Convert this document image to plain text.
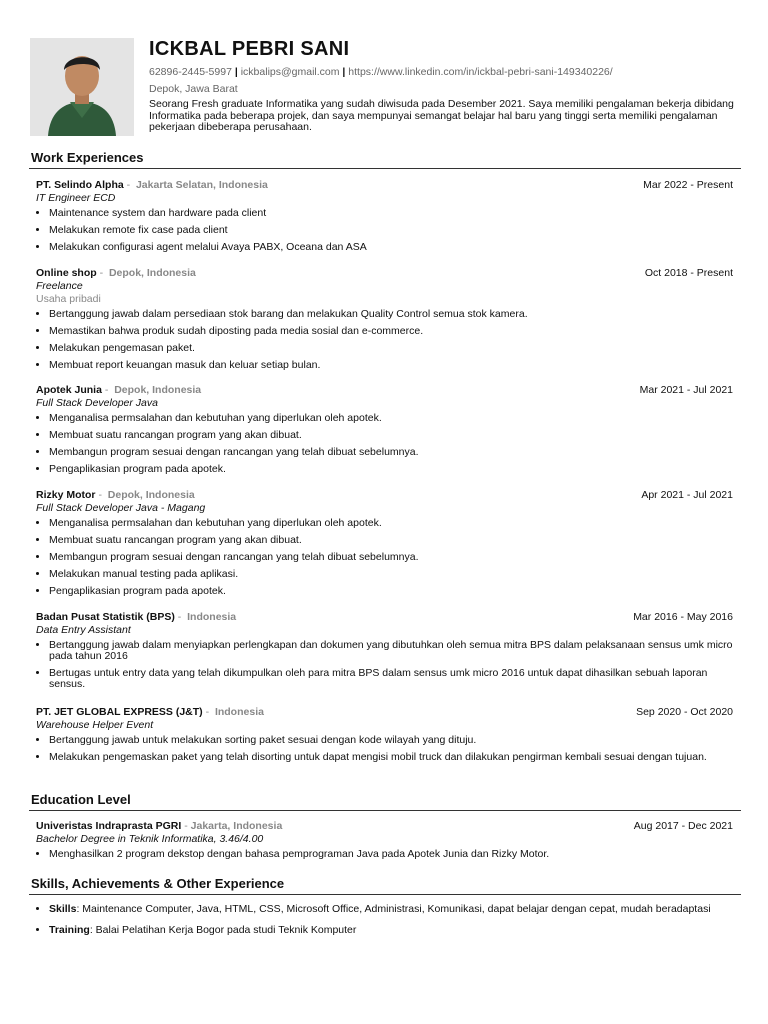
ICKBAL PEBRI SANI
62896-2445-5997 | ickbalips@gmail.com | https://www.linkedin.com/in/ickbal-pebri-sani-149340226/
Depok, Jawa Barat
Seorang Fresh graduate Informatika yang sudah diwisuda pada Desember 2021. Saya memiliki pengalaman bekerja dibidang Informatika pada beberapa projek, dan saya mempunyai semangat belajar hal baru yang tinggi serta memiliki pengalaman pekerjaan dibeberapa perusahaan.
Work Experiences
PT. Selindo Alpha - Jakarta Selatan, Indonesia	Mar 2022 - Present
IT Engineer ECD
• Maintenance system dan hardware pada client
• Melakukan remote fix case pada client
• Melakukan configurasi agent melalui Avaya PABX, Oceana dan ASA
Online shop - Depok, Indonesia	Oct 2018 - Present
Freelance
Usaha pribadi
• Bertanggung jawab dalam persediaan stok barang dan melakukan Quality Control semua stok kamera.
• Memastikan bahwa produk sudah diposting pada media sosial dan e-commerce.
• Melakukan pengemasan paket.
• Membuat report keuangan masuk dan keluar setiap bulan.
Apotek Junia - Depok, Indonesia	Mar 2021 - Jul 2021
Full Stack Developer Java
• Menganalisa permsalahan dan kebutuhan yang diperlukan oleh apotek.
• Membuat suatu rancangan program yang akan dibuat.
• Membangun program sesuai dengan rancangan yang telah dibuat sebelumnya.
• Pengaplikasian program pada apotek.
Rizky Motor - Depok, Indonesia	Apr 2021 - Jul 2021
Full Stack Developer Java - Magang
• Menganalisa permsalahan dan kebutuhan yang diperlukan oleh apotek.
• Membuat suatu rancangan program yang akan dibuat.
• Membangun program sesuai dengan rancangan yang telah dibuat sebelumnya.
• Melakukan manual testing pada aplikasi.
• Pengaplikasian program pada apotek.
Badan Pusat Statistik (BPS) - Indonesia	Mar 2016 - May 2016
Data Entry Assistant
• Bertanggung jawab dalam menyiapkan perlengkapan dan dokumen yang dibutuhkan oleh semua mitra BPS dalam pelaksanaan sensus umk micro pada tahun 2016
• Bertugas untuk entry data yang telah dikumpulkan oleh para mitra BPS dalam sensus umk micro 2016 untuk dapat dihasilkan sebuah laporan sensus.
PT. JET GLOBAL EXPRESS (J&T) - Indonesia	Sep 2020 - Oct 2020
Warehouse Helper Event
• Bertanggung jawab untuk melakukan sorting paket sesuai dengan kode wilayah yang dituju.
• Melakukan pengemaskan paket yang telah disorting untuk dapat mengisi mobil truck dan dilakukan pengirman kembali sesuai dengan tujuan.
Education Level
Univeristas Indraprasta PGRI - Jakarta, Indonesia	Aug 2017 - Dec 2021
Bachelor Degree in Teknik Informatika, 3.46/4.00
• Menghasilkan 2 program dekstop dengan bahasa pemprograman Java pada Apotek Junia dan Rizky Motor.
Skills, Achievements & Other Experience
• Skills: Maintenance Computer, Java, HTML, CSS, Microsoft Office, Administrasi, Komunikasi, dapat belajar dengan cepat, mudah beradaptasi
• Training: Balai Pelatihan Kerja Bogor pada studi Teknik Komputer
